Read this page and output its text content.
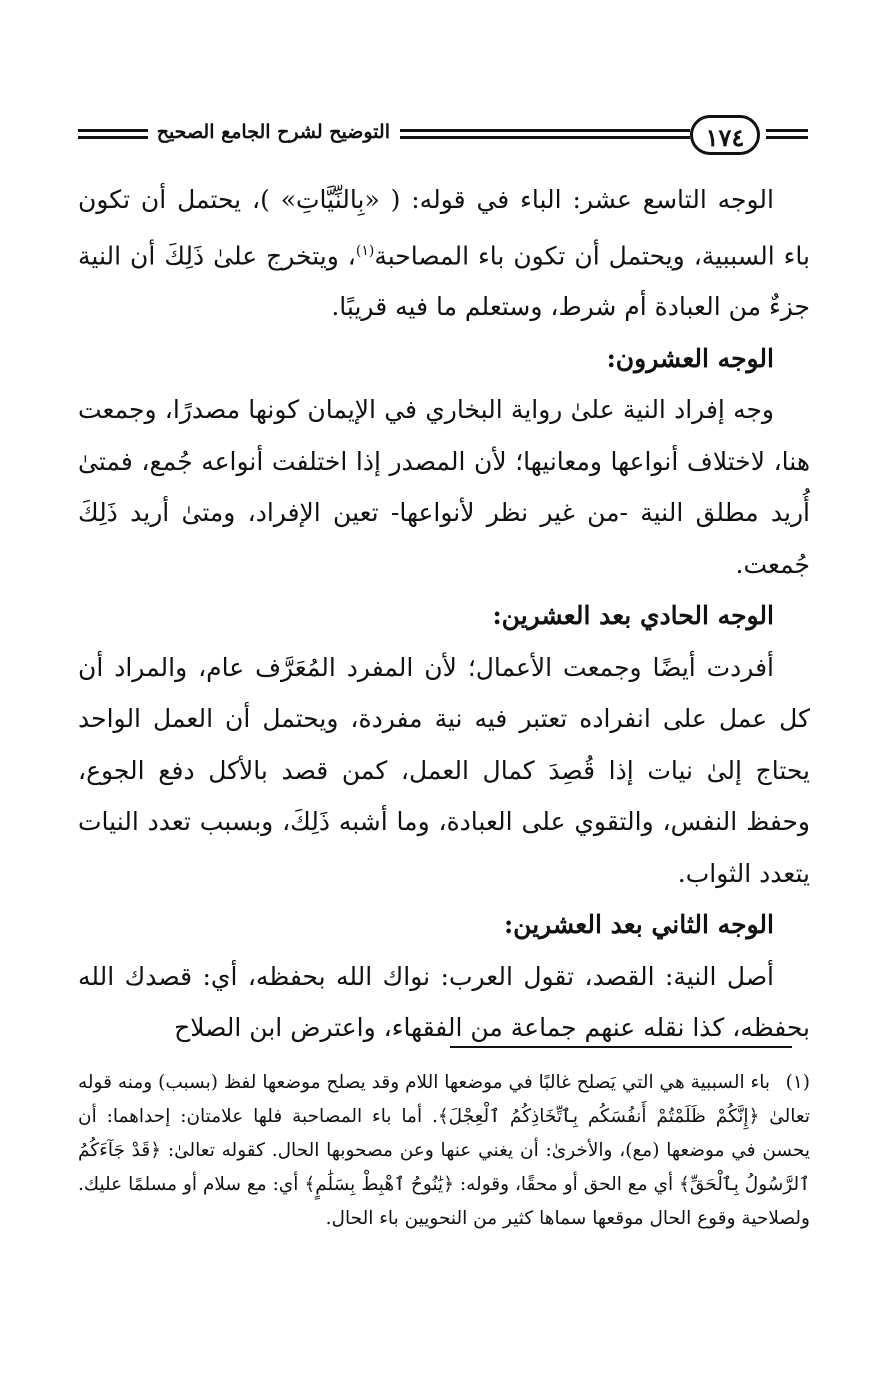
التوضيح لشرح الجامع الصحيح	١٧٤

الوجه التاسع عشر: الباء في قوله: ( «بِالنِّيَّاتِ» )، يحتمل أن تكون باء السببية، ويحتمل أن تكون باء المصاحبة$^{(١)}$، ويتخرج علىٰ ذَلِكَ أن النية جزءٌ من العبادة أم شرط، وستعلم ما فيه قريبًا.

الوجه العشرون:

وجه إفراد النية علىٰ رواية البخاري في الإيمان كونها مصدرًا، وجمعت هنا، لاختلاف أنواعها ومعانيها؛ لأن المصدر إذا اختلفت أنواعه جُمع، فمتىٰ أُريد مطلق النية -من غير نظر لأنواعها- تعين الإفراد، ومتىٰ أريد ذَلِكَ جُمعت.

الوجه الحادي بعد العشرين:

أفردت أيضًا وجمعت الأعمال؛ لأن المفرد المُعَرَّف عام، والمراد أن كل عمل على انفراده تعتبر فيه نية مفردة، ويحتمل أن العمل الواحد يحتاج إلىٰ نيات إذا قُصِدَ كمال العمل، كمن قصد بالأكل دفع الجوع، وحفظ النفس، والتقوي على العبادة، وما أشبه ذَلِكَ، وبسبب تعدد النيات يتعدد الثواب.

الوجه الثاني بعد العشرين:

أصل النية: القصد، تقول العرب: نواك الله بحفظه، أي: قصدك الله بحفظه، كذا نقله عنهم جماعة من الفقهاء، واعترض ابن الصلاح

(١)باء السببية هي التي يَصلح غالبًا في موضعها اللام وقد يصلح موضعها لفظ (بسبب) ومنه قوله تعالىٰ ﴿إِنَّكُمْ ظَلَمْتُمْ أَنفُسَكُم بِٱتِّخَاذِكُمُ ٱلْعِجْلَ﴾. أما باء المصاحبة فلها علامتان: إحداهما: أن يحسن في موضعها (مع)، والأخرىٰ: أن يغني عنها وعن مصحوبها الحال. كقوله تعالىٰ: ﴿قَدْ جَآءَكُمُ ٱلرَّسُولُ بِٱلْحَقِّ﴾ أي مع الحق أو محقًا، وقوله: ﴿يَٰنُوحُ ٱهْبِطْ بِسَلَٰمٍ﴾ أي: مع سلام أو مسلمًا عليك. ولصلاحية وقوع الحال موقعها سماها كثير من النحويين باء الحال.
